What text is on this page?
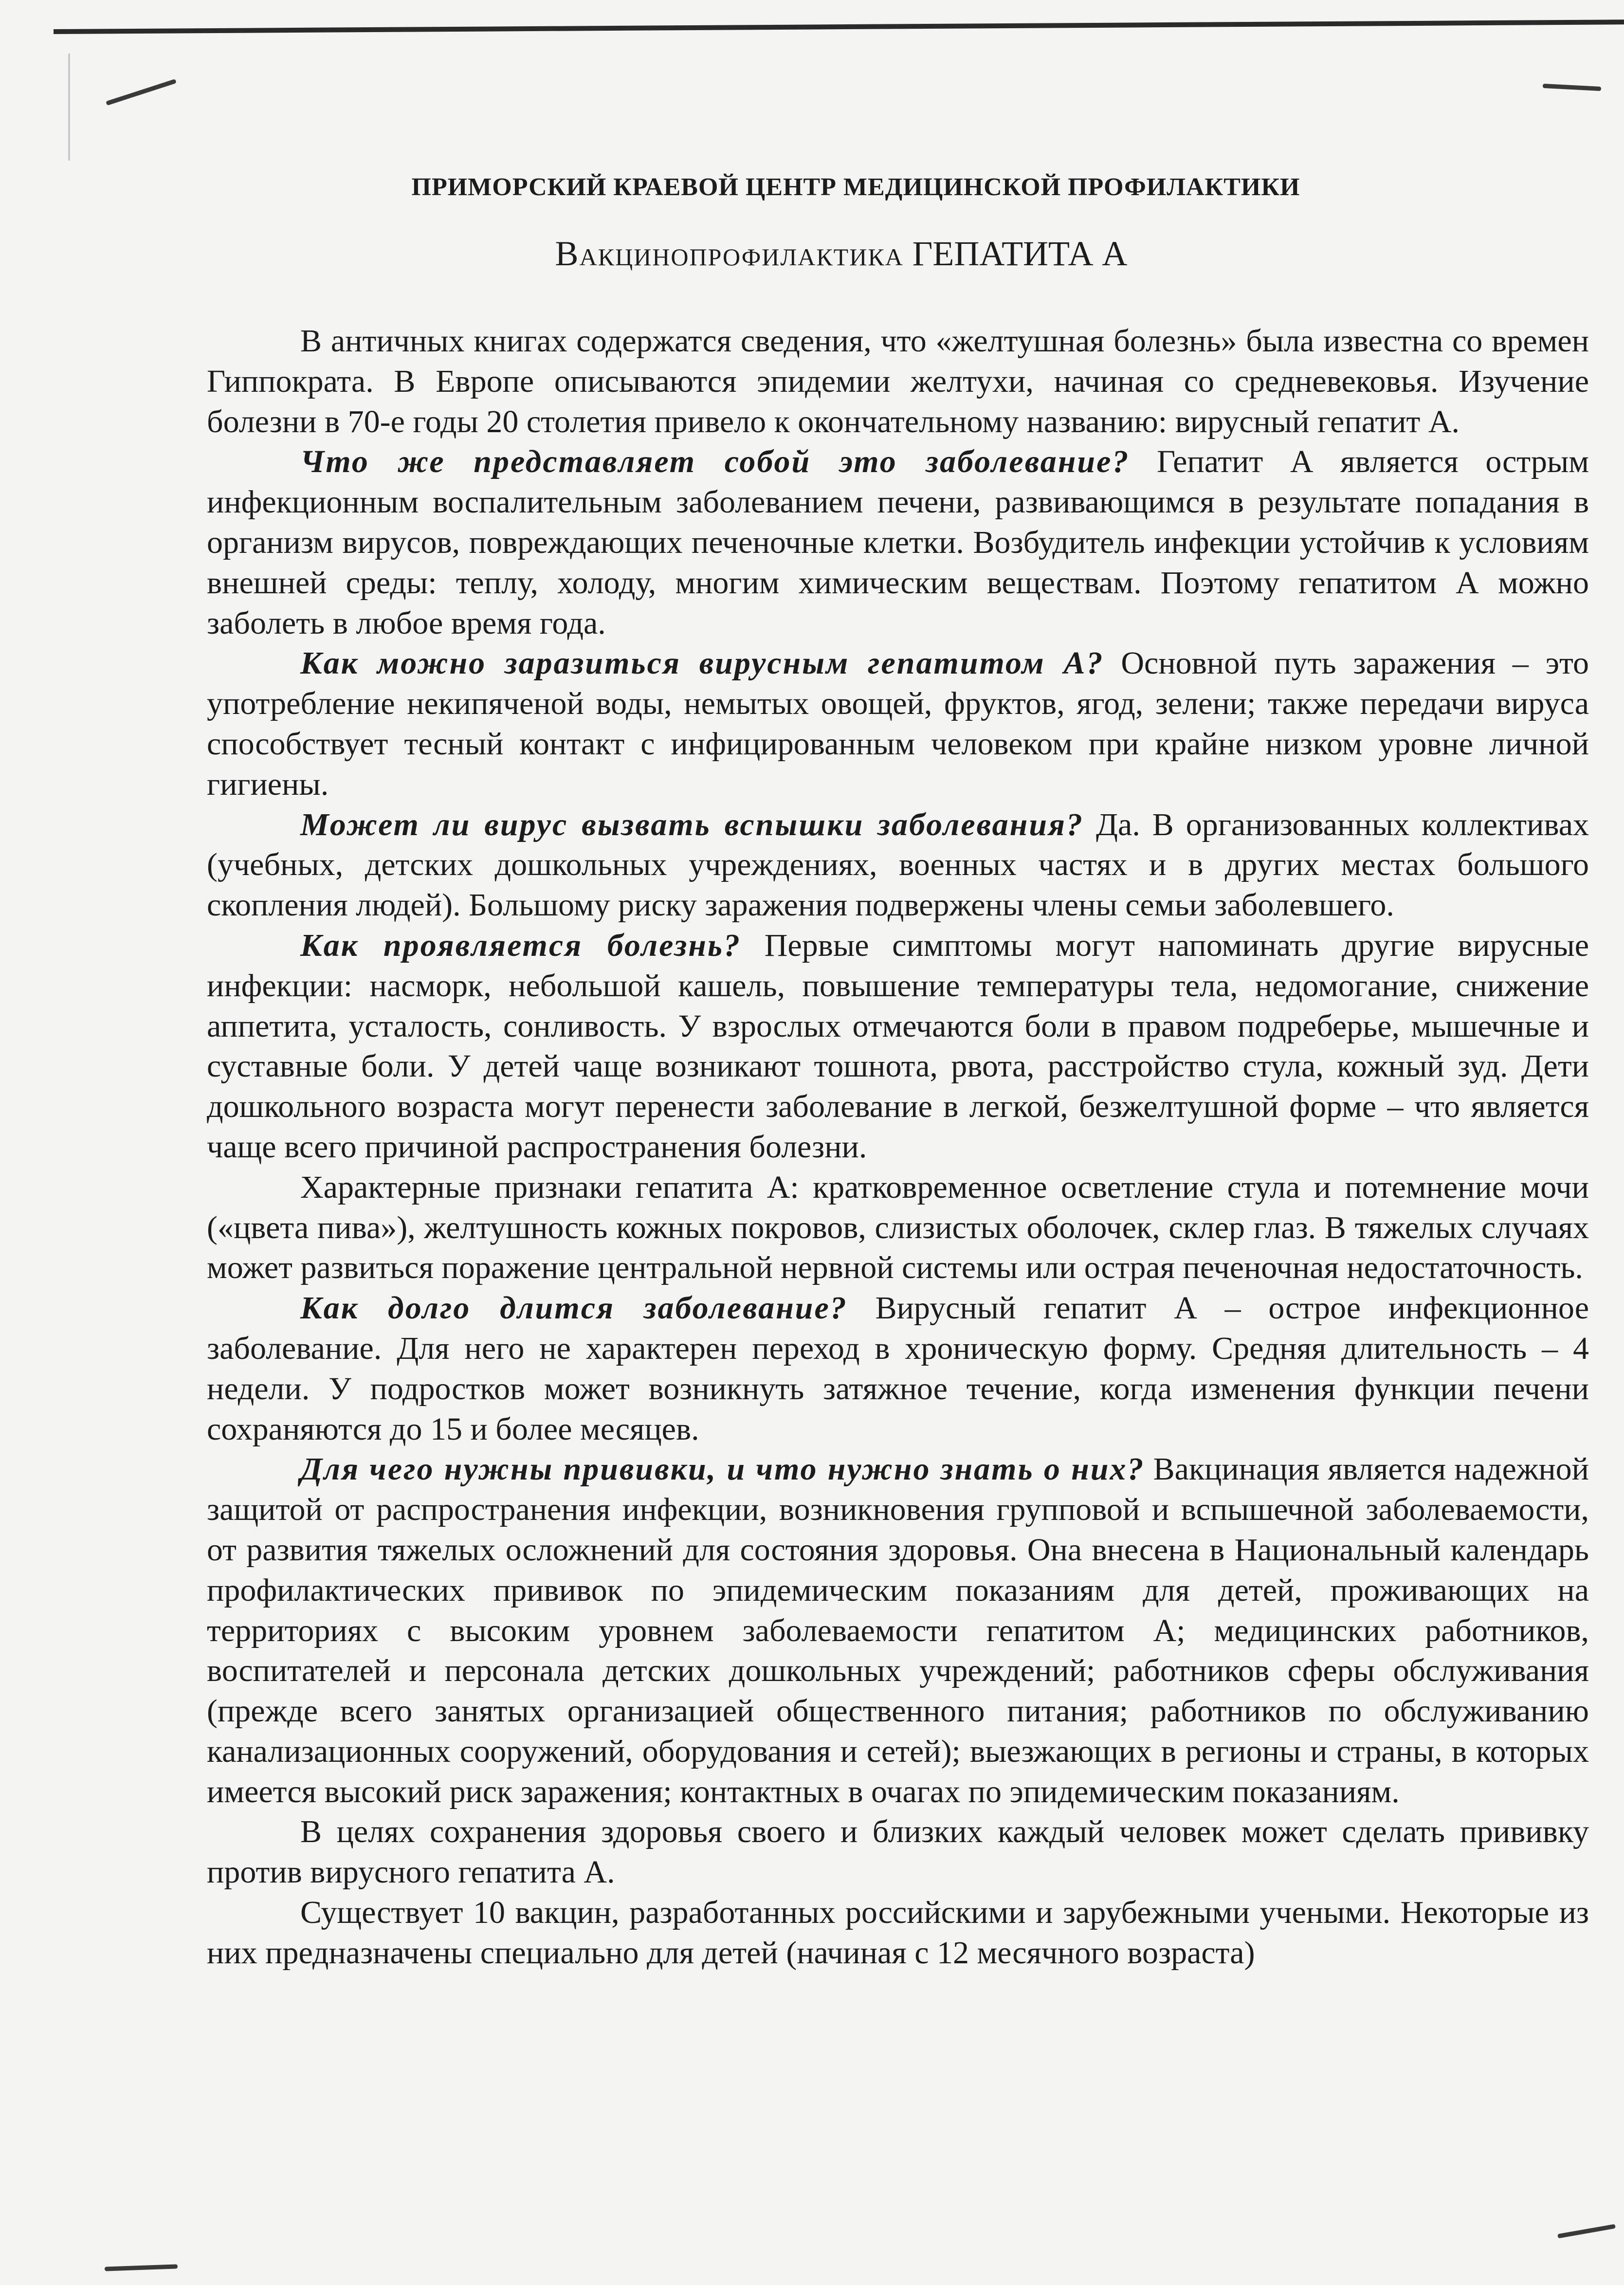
ПРИМОРСКИЙ КРАЕВОЙ ЦЕНТР МЕДИЦИНСКОЙ ПРОФИЛАКТИКИ
Вакцинопрофилактика ГЕПАТИТА А

В античных книгах содержатся сведения, что «желтушная болезнь» была известна со времен Гиппократа. В Европе описываются эпидемии желтухи, начиная со средневековья. Изучение болезни в 70-е годы 20 столетия привело к окончательному названию: вирусный гепатит А.

Что же представляет собой это заболевание? Гепатит А является острым инфекционным воспалительным заболеванием печени, развивающимся в результате попадания в организм вирусов, повреждающих печеночные клетки. Возбудитель инфекции устойчив к условиям внешней среды: теплу, холоду, многим химическим веществам. Поэтому гепатитом А можно заболеть в любое время года.

Как можно заразиться вирусным гепатитом А? Основной путь заражения – это употребление некипяченой воды, немытых овощей, фруктов, ягод, зелени; также передачи вируса способствует тесный контакт с инфицированным человеком при крайне низком уровне личной гигиены.

Может ли вирус вызвать вспышки заболевания? Да. В организованных коллективах (учебных, детских дошкольных учреждениях, военных частях и в других местах большого скопления людей). Большому риску заражения подвержены члены семьи заболевшего.

Как проявляется болезнь? Первые симптомы могут напоминать другие вирусные инфекции: насморк, небольшой кашель, повышение температуры тела, недомогание, снижение аппетита, усталость, сонливость. У взрослых отмечаются боли в правом подреберье, мышечные и суставные боли. У детей чаще возникают тошнота, рвота, расстройство стула, кожный зуд. Дети дошкольного возраста могут перенести заболевание в легкой, безжелтушной форме – что является чаще всего причиной распространения болезни.

Характерные признаки гепатита А: кратковременное осветление стула и потемнение мочи («цвета пива»), желтушность кожных покровов, слизистых оболочек, склер глаз. В тяжелых случаях может развиться поражение центральной нервной системы или острая печеночная недостаточность.

Как долго длится заболевание? Вирусный гепатит А – острое инфекционное заболевание. Для него не характерен переход в хроническую форму. Средняя длительность – 4 недели. У подростков может возникнуть затяжное течение, когда изменения функции печени сохраняются до 15 и более месяцев.

Для чего нужны прививки, и что нужно знать о них? Вакцинация является надежной защитой от распространения инфекции, возникновения групповой и вспышечной заболеваемости, от развития тяжелых осложнений для состояния здоровья. Она внесена в Национальный календарь профилактических прививок по эпидемическим показаниям для детей, проживающих на территориях с высоким уровнем заболеваемости гепатитом А; медицинских работников, воспитателей и персонала детских дошкольных учреждений; работников сферы обслуживания (прежде всего занятых организацией общественного питания; работников по обслуживанию канализационных сооружений, оборудования и сетей); выезжающих в регионы и страны, в которых имеется высокий риск заражения; контактных в очагах по эпидемическим показаниям.

В целях сохранения здоровья своего и близких каждый человек может сделать прививку против вирусного гепатита А.

Существует 10 вакцин, разработанных российскими и зарубежными учеными. Некоторые из них предназначены специально для детей (начиная с 12 месячного возраста)
